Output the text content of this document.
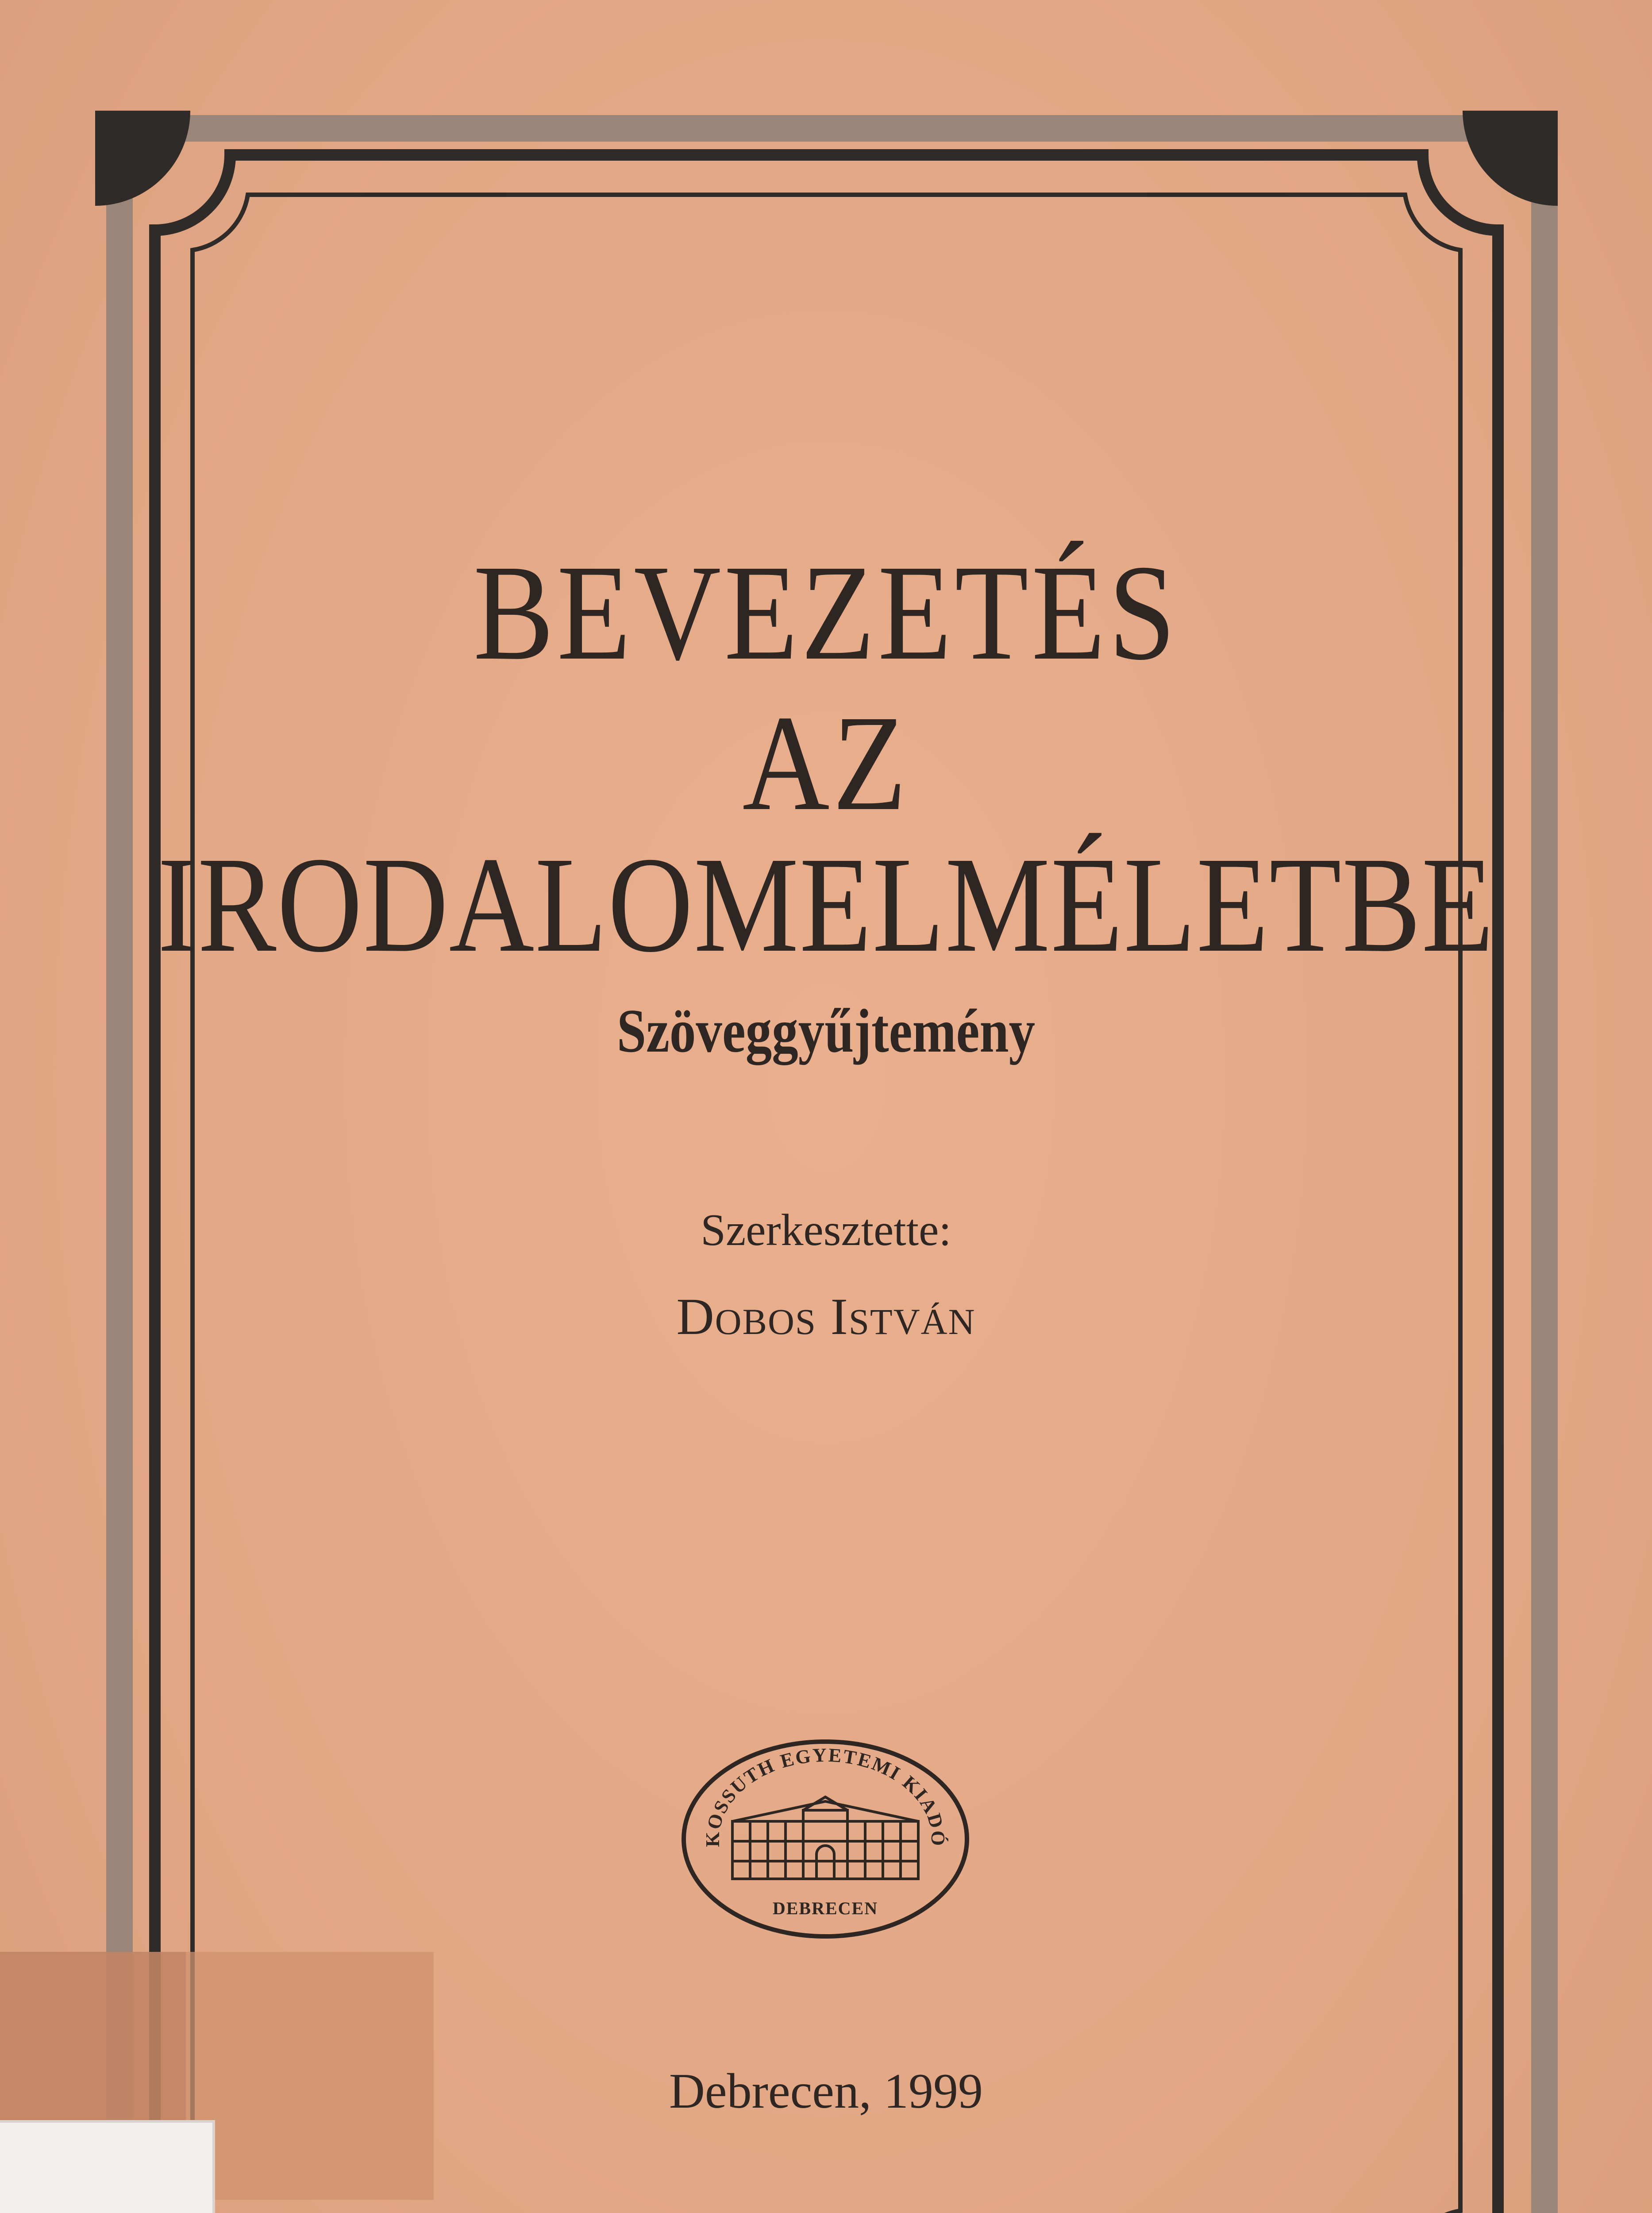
BEVEZETÉS
AZ
IRODALOMELMÉLETBE
Szöveggyűjtemény
Szerkesztette:
Dobos István
KOSSUTH EGYETEMI KIADÓ
DEBRECEN
Debrecen, 1999
